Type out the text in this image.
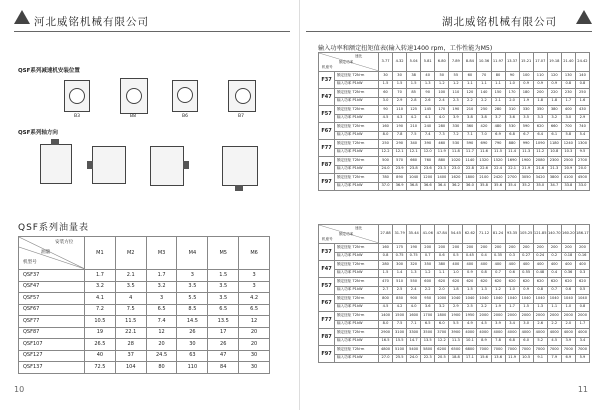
河北威铭机械有限公司
QSF系列减速机安装位置
B3	B8	B6	B7
QSF系列轴方向
QSF系列油量表
安装方位
油量
机型号	M1	M2	M3	M4	M5	M6
QSF37	1.7	2.1	1.7	3	1.5	3
QSF47	3.2	3.5	3.2	3.5	3.5	3
QSF57	4.1	4	3	5.5	3.5	4.2
QSF67	7.2	7.5	6.5	8.5	6.5	6.5
QSF77	10.5	11.5	7.4	14.5	13.5	12
QSF87	19	22.1	12	26	17	20
QSF107	26.5	28	20	30	26	20
QSF127	40	37	24.5	63	47	30
QSF137	72.5	104	80	110	84	30
10
湖北威铭机械有限公司
输入功率和额定扭矩值表(输入转速1400 rpm，工作性能为M5)
速比
额定功率
机座号		3.77	4.32	5.04	5.81	6.80	7.89	8.84	10.36	11.97	13.37	15.21	17.07	19.18	21.40	24.42
F37	额定扭矩 T2N·m	30	30	38	40	50	55	60	70	80	90	100	110	120	130	140
	输入功率 P1kW	1.5	1.5	1.5	1.3	1.2	1.2	1.1	1.1	1.1	1.0	0.9	0.9	0.9	0.8	0.8
F47	额定扭矩 T2N·m	60	70	85	90	100	110	120	140	150	170	180	200	220	230	250
	输入功率 P1kW	3.0	2.9	2.8	2.6	2.4	2.3	2.2	2.2	2.1	2.0	1.9	1.8	1.8	1.7	1.6
F57	额定扭矩 T2N·m	90	110	125	145	170	190	210	250	280	310	330	350	380	400	430
	输入功率 P1kW	4.5	4.3	4.2	4.1	4.0	3.9	3.8	3.8	3.7	3.6	3.5	3.3	3.2	3.0	2.9
F67	额定扭矩 T2N·m	160	190	210	240	280	330	360	420	480	530	590	620	660	700	740
	输入功率 P1kW	8.0	7.8	7.5	7.4	7.3	7.2	7.1	7.0	6.9	6.8	6.7	6.4	6.1	5.8	5.4
F77	额定扭矩 T2N·m	250	290	340	390	460	530	590	690	790	880	990	1090	1180	1240	1300
	输入功率 P1kW	12.2	12.1	12.1	12.0	11.9	11.8	11.7	11.6	11.5	11.4	11.3	11.2	10.8	10.3	9.5
F87	额定扭矩 T2N·m	500	570	660	760	880	1020	1140	1320	1520	1690	1900	2080	2300	2500	2700
	输入功率 P1kW	24.0	23.9	23.8	23.6	23.3	23.0	22.8	22.6	22.4	22.1	21.9	21.6	21.3	20.9	20.0
F97	额定扭矩 T2N·m	780	890	1040	1200	1400	1620	1800	2100	2420	2700	3050	3420	3800	4100	4500
	输入功率 P1kW	37.0	36.9	36.8	36.6	36.4	36.2	36.0	35.8	35.6	35.4	35.2	35.0	34.7	33.8	33.0
速比
额定功率
机座号		27.88	31.79	35.44	41.06	47.84	54.45	62.62	71.12	81.24	93.35	105.25	121.85	140.70	160.20	186.17
F37	额定扭矩 T2N·m	160	175	190	200	200	200	200	200	200	200	200	200	200	200	200
	输入功率 P1kW	0.8	0.75	0.75	0.7	0.6	0.5	0.45	0.4	0.35	0.3	0.27	0.24	0.2	0.18	0.16
F47	额定扭矩 T2N·m	280	300	320	350	380	400	400	400	400	400	400	400	400	400	400
	输入功率 P1kW	1.5	1.4	1.3	1.2	1.1	1.0	0.9	0.8	0.7	0.6	0.55	0.48	0.4	0.36	0.3
F57	额定扭矩 T2N·m	470	510	550	600	620	620	620	620	620	620	620	620	620	620	620
	输入功率 P1kW	2.7	2.5	2.4	2.2	2.0	1.8	1.5	1.3	1.2	1.0	0.9	0.8	0.7	0.6	0.5
F67	额定扭矩 T2N·m	800	850	900	950	1000	1040	1040	1040	1040	1040	1040	1040	1040	1040	1040
	输入功率 P1kW	4.5	4.2	4.0	3.6	3.2	2.9	2.5	2.2	1.9	1.7	1.5	1.3	1.1	1.0	0.8
F77	额定扭矩 T2N·m	1400	1500	1600	1700	1800	1900	1950	2000	2000	2000	2000	2000	2000	2000	2000
	输入功率 P1kW	8.0	7.5	7.1	6.5	6.0	5.5	4.9	4.5	3.9	3.4	3.0	2.6	2.2	2.0	1.7
F87	额定扭矩 T2N·m	2900	3100	3300	3500	3700	3900	4000	4000	4000	4000	4000	4000	4000	4000	4000
	输入功率 P1kW	16.5	15.5	14.7	13.5	12.2	11.3	10.1	8.9	7.8	6.8	6.0	5.2	4.5	3.9	3.4
F97	额定扭矩 T2N·m	4800	5100	5400	5800	6200	6500	6800	7000	7000	7000	7000	7000	7000	7000	7000
	输入功率 P1kW	27.0	25.5	24.0	22.3	20.5	18.8	17.1	15.6	13.6	11.9	10.5	9.1	7.9	6.9	5.9
11
